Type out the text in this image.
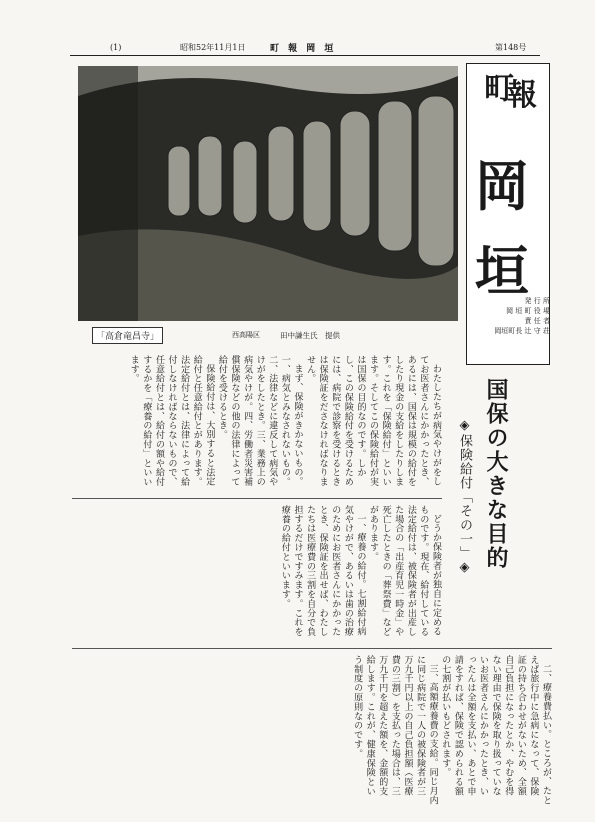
(1)	昭和52年11月1日	町 報 岡 垣	第148号
「高倉竜昌寺」	西高陽区	田中謙生氏　提供
町
報
岡
垣
発 行 所
岡 垣 町 役 場
責 任 者
岡垣町長 辻 守 荘
国保の大きな目的
◈保険給付「その一」◈

わたしたちが病気やけがをしてお医者さんにかかったとき、あるには、国保は規模の給付をしたり現金の支給をしたりします。これを「保険給付」といいます。そしてこの保険給付が実は国保の目的なのです。しかし、この保険給付を受けるためには、病院で診察を受けるときは保険証をださなければなりません。

まず、保険がきかないもの。一、病気とみなされないもの。二、法律などに違反して病気やけがをしたとき。三、業務上の病気やけが。四、労働者災害補償保険などの他の法律によって給付を受けるとき。

保険給付は、大別すると法定給付と任意給付とがあります。法定給付とは、法律によって給付しなければならないもので、任意給付とは、給付の額や給付するかを「療養の給付」といいます。

どうか保険者が独自に定めるものです。現在、給付している法定給付は、被保険者が出産した場合の「出産育児一時金」や死亡したときの「葬祭費」などがあります。

一、療養の給付。七割給付病気やけがで、あるいは歯の治療のためにお医者さんにかかったとき、保険証を出せば、わたしたちは医療費の三割を自分で負担するだけですみます。これを療養の給付といいます。

二、療養費払い。ところが、たとえば旅行中に急病になって、保険証の持ち合わせがないため、全額自己負担になったとか、やむを得ない理由で保険を取り扱っていないお医者さんにかかったとき、いったんは全額を支払い、あとで申請をすれば、保険で認められる額の七割が払いもどされます。

三、高額療養費の支給。同じ月内に同じ病院で一人の被保険者が三万九千円以上の自己負担額（医療費の三割）を支払った場合は、三万九千円を超えた額を、金額的支給します。これが、健康保険という制度の原則なのです。
